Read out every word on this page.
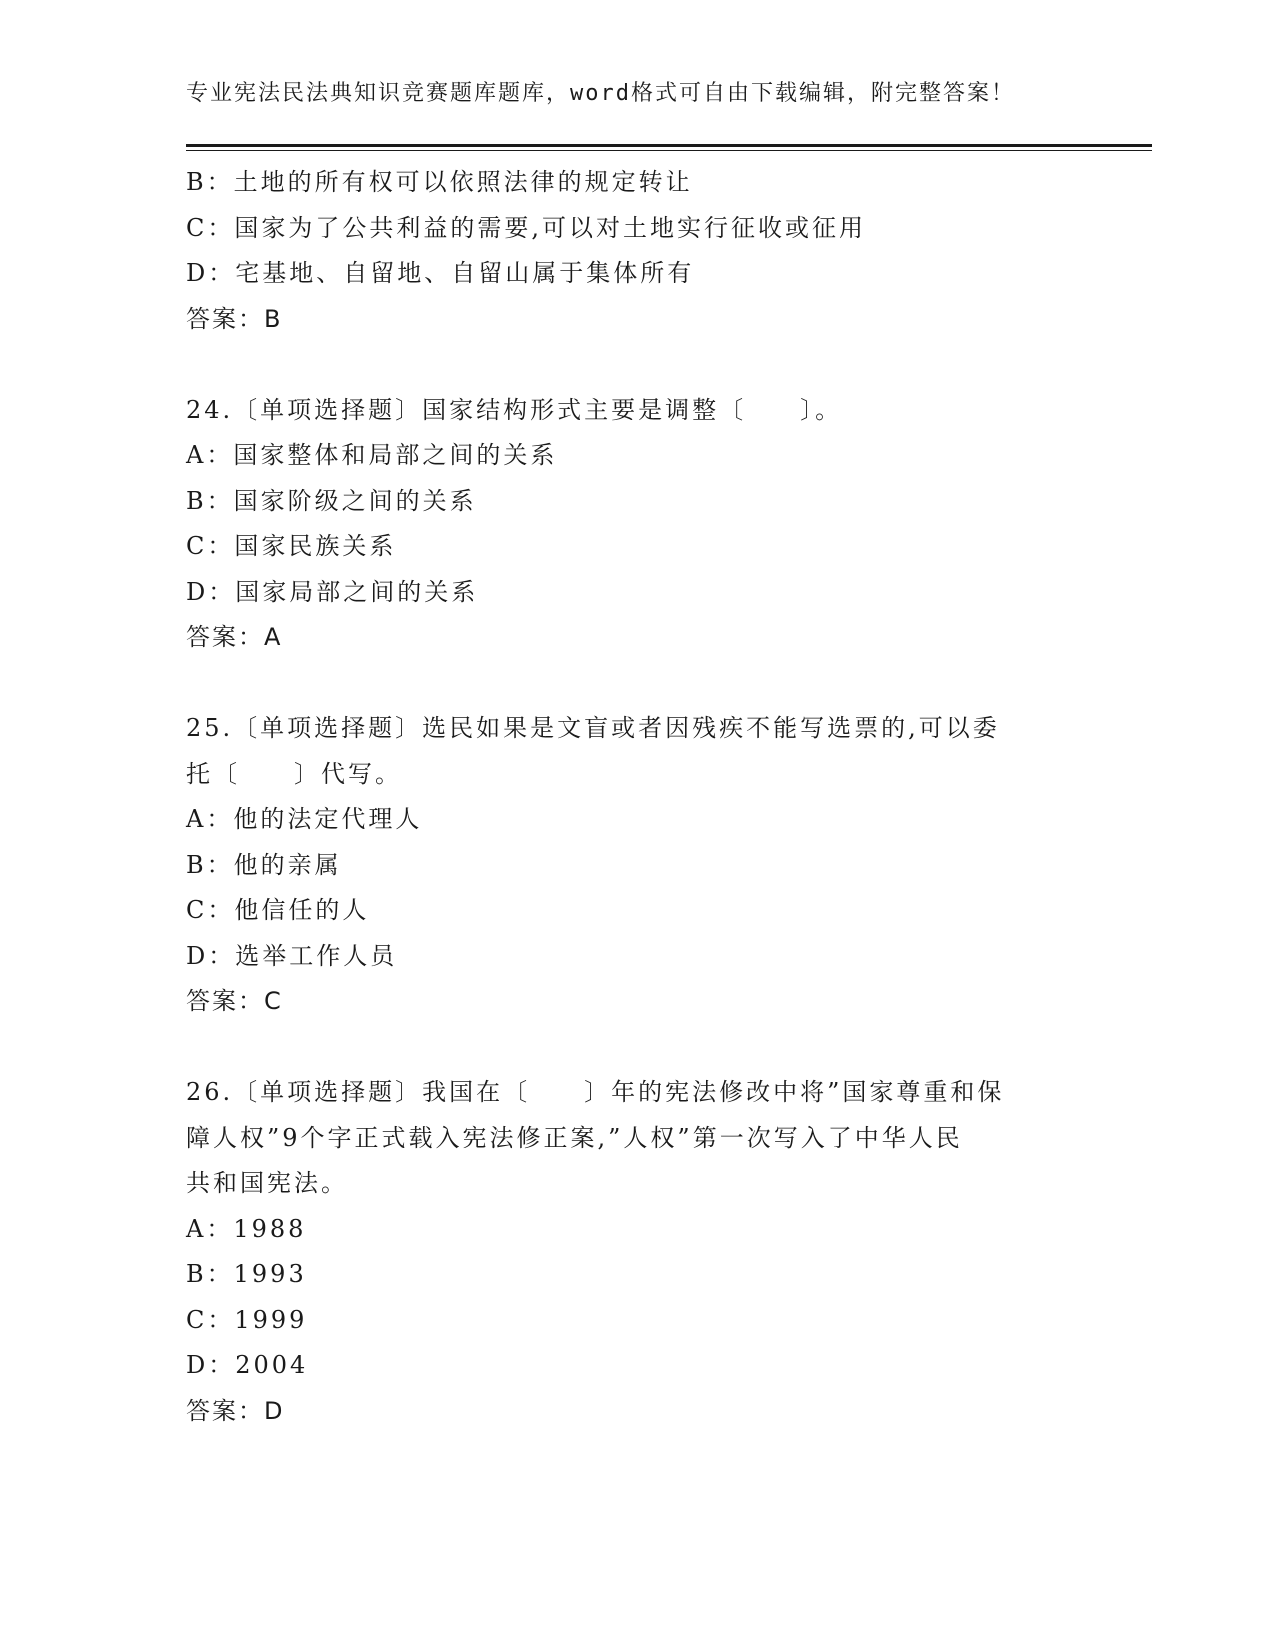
专业宪法民法典知识竞赛题库题库，word格式可自由下载编辑，附完整答案！
B：土地的所有权可以依照法律的规定转让
C：国家为了公共利益的需要,可以对土地实行征收或征用
D：宅基地、自留地、自留山属于集体所有
答案：B
24.〔单项选择题〕国家结构形式主要是调整〔　　〕。
A：国家整体和局部之间的关系
B：国家阶级之间的关系
C：国家民族关系
D：国家局部之间的关系
答案：A
25.〔单项选择题〕选民如果是文盲或者因残疾不能写选票的,可以委
托〔　　〕代写。
A：他的法定代理人
B：他的亲属
C：他信任的人
D：选举工作人员
答案：C
26.〔单项选择题〕我国在〔　　〕年的宪法修改中将”国家尊重和保
障人权”9个字正式载入宪法修正案,”人权”第一次写入了中华人民
共和国宪法。
A：1988
B：1993
C：1999
D：2004
答案：D
